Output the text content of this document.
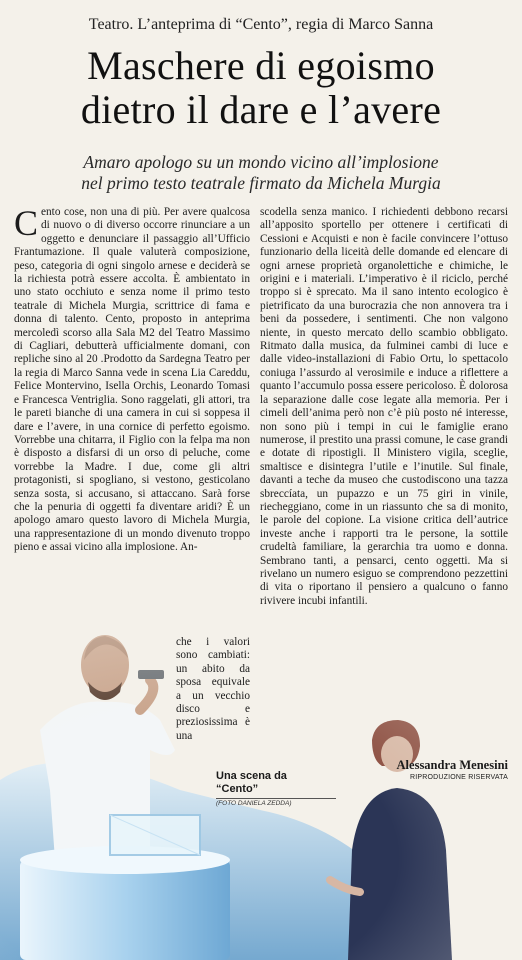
Teatro. L’anteprima di “Cento”, regia di Marco Sanna
Maschere di egoismo
dietro il dare e l’avere
Amaro apologo su un mondo vicino all’implosione
nel primo testo teatrale firmato da Michela Murgia

Cento cose, non una di più. Per avere qualcosa di nuovo o di diverso occorre rinunciare a un oggetto e denunciare il passaggio all’Ufficio Frantumazione. Il quale valuterà composizione, peso, categoria di ogni singolo arnese e deciderà se la richiesta potrà essere accolta. È ambientato in uno stato occhiuto e senza nome il primo testo teatrale di Michela Murgia, scrittrice di fama e donna di talento. Cento, proposto in anteprima mercoledì scorso alla Sala M2 del Teatro Massimo di Cagliari, debutterà ufficialmente domani, con repliche sino al 20 .Prodotto da Sardegna Teatro per la regia di Marco Sanna vede in scena Lia Careddu, Felice Montervino, Isella Orchis, Leonardo Tomasi e Francesca Ventriglia. Sono raggelati, gli attori, tra le pareti bianche di una camera in cui si soppesa il dare e l’avere, in una cornice di perfetto egoismo. Vorrebbe una chitarra, il Figlio con la felpa ma non è disposto a disfarsi di un orso di peluche, come vorrebbe la Madre. I due, come gli altri protagonisti, si spogliano, si vestono, gesticolano senza sosta, si accusano, si attaccano. Sarà forse che la penuria di oggetti fa diventare aridi? È un apologo amaro questo lavoro di Michela Murgia, una rappresentazione di un mondo divenuto troppo pieno e assai vicino alla implosione. An-

che i valori sono cambiati: un abito da sposa equivale a un vecchio disco e preziosissima è una

scodella senza manico. I richiedenti debbono recarsi all’apposito sportello per ottenere i certificati di Cessioni e Acquisti e non è facile convincere l’ottuso funzionario della liceità delle domande ed elencare di ogni arnese proprietà organolettiche e chimiche, le origini e i materiali. L’imperativo è il riciclo, perché troppo si è sprecato. Ma il sano intento ecologico è pietrificato da una burocrazia che non annovera tra i beni da possedere, i sentimenti. Che non valgono niente, in questo mercato dello scambio obbligato. Ritmato dalla musica, da fulminei cambi di luce e dalle video-installazioni di Fabio Ortu, lo spettacolo coniuga l’assurdo al verosimile e induce a riflettere a quanto l’accumulo possa essere pericoloso. È dolorosa la separazione dalle cose legate alla memoria. Per i cimeli dell’anima però non c’è più posto né interesse, non sono più i tempi in cui le famiglie erano numerose, il prestito una prassi comune, le case grandi e dotate di ripostigli. Il Ministero vigila, sceglie, smaltisce e disintegra l’utile e l’inutile. Sul finale, davanti a teche da museo che custodiscono una tazza sbreccíata, un pupazzo e un 75 giri in vinile, riecheggiano, come in un riassunto che sa di monito, le parole del copione. La visione critica dell’autrice investe anche i rapporti tra le persone, la sottile crudeltà familiare, la gerarchia tra uomo e donna. Sembrano tanti, a pensarci, cento oggetti. Ma si rivelano un numero esiguo se comprendono pezzettini di vita o riportano il pensiero a qualcuno o fanno rivivere incubi infantili.

Alessandra Menesini
RIPRODUZIONE RISERVATA
Una scena da
“Cento”
(FOTO DANIELA ZEDDA)
